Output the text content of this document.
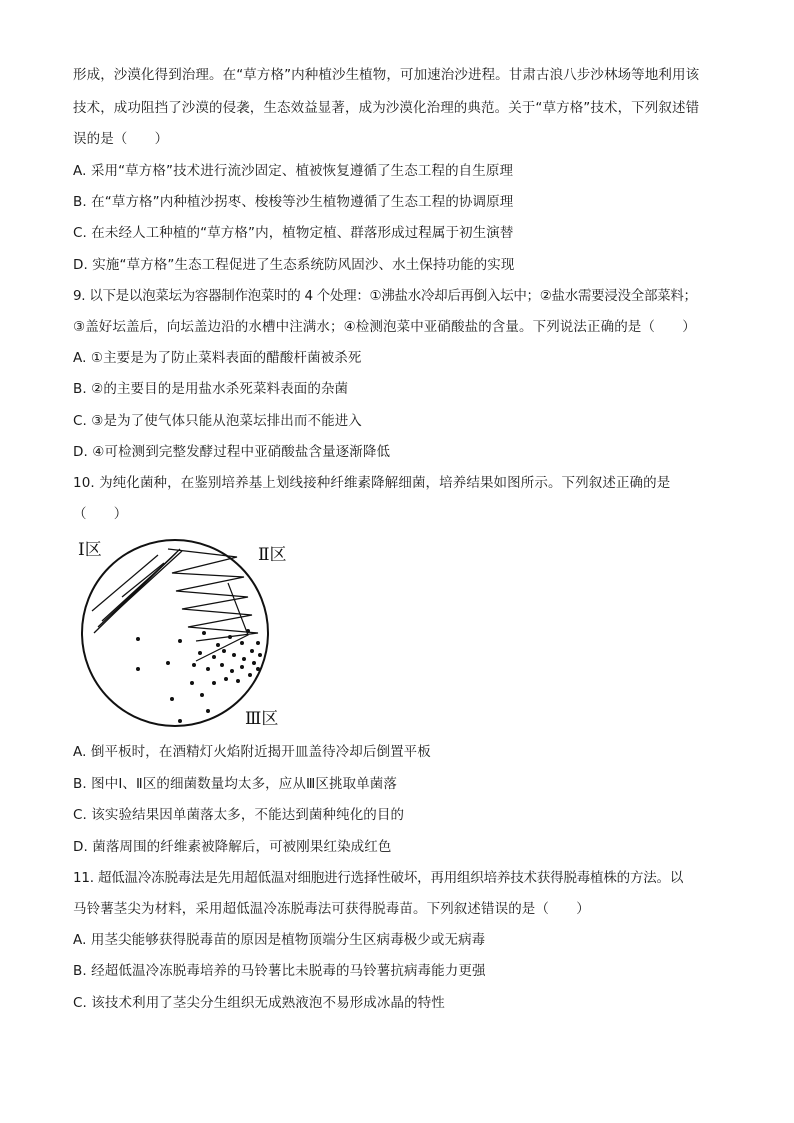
形成，沙漠化得到治理。在“草方格”内种植沙生植物，可加速治沙进程。甘肃古浪八步沙林场等地利用该
技术，成功阻挡了沙漠的侵袭，生态效益显著，成为沙漠化治理的典范。关于“草方格”技术，下列叙述错
误的是（　　）
A. 采用“草方格”技术进行流沙固定、植被恢复遵循了生态工程的自生原理
B. 在“草方格”内种植沙拐枣、梭梭等沙生植物遵循了生态工程的协调原理
C. 在未经人工种植的“草方格”内，植物定植、群落形成过程属于初生演替
D. 实施“草方格”生态工程促进了生态系统防风固沙、水土保持功能的实现
9. 以下是以泡菜坛为容器制作泡菜时的 4 个处理：①沸盐水冷却后再倒入坛中；②盐水需要浸没全部菜料；
③盖好坛盖后，向坛盖边沿的水槽中注满水；④检测泡菜中亚硝酸盐的含量。下列说法正确的是（　　）
A. ①主要是为了防止菜料表面的醋酸杆菌被杀死
B. ②的主要目的是用盐水杀死菜料表面的杂菌
C. ③是为了使气体只能从泡菜坛排出而不能进入
D. ④可检测到完整发酵过程中亚硝酸盐含量逐渐降低
10. 为纯化菌种，在鉴别培养基上划线接种纤维素降解细菌，培养结果如图所示。下列叙述正确的是
（　　）
Ⅰ区	Ⅱ区
Ⅲ区
A. 倒平板时，在酒精灯火焰附近揭开皿盖待冷却后倒置平板
B. 图中Ⅰ、Ⅱ区的细菌数量均太多，应从Ⅲ区挑取单菌落
C. 该实验结果因单菌落太多，不能达到菌种纯化的目的
D. 菌落周围的纤维素被降解后，可被刚果红染成红色
11. 超低温冷冻脱毒法是先用超低温对细胞进行选择性破坏，再用组织培养技术获得脱毒植株的方法。以
马铃薯茎尖为材料，采用超低温冷冻脱毒法可获得脱毒苗。下列叙述错误的是（　　）
A. 用茎尖能够获得脱毒苗的原因是植物顶端分生区病毒极少或无病毒
B. 经超低温冷冻脱毒培养的马铃薯比未脱毒的马铃薯抗病毒能力更强
C. 该技术利用了茎尖分生组织无成熟液泡不易形成冰晶的特性
